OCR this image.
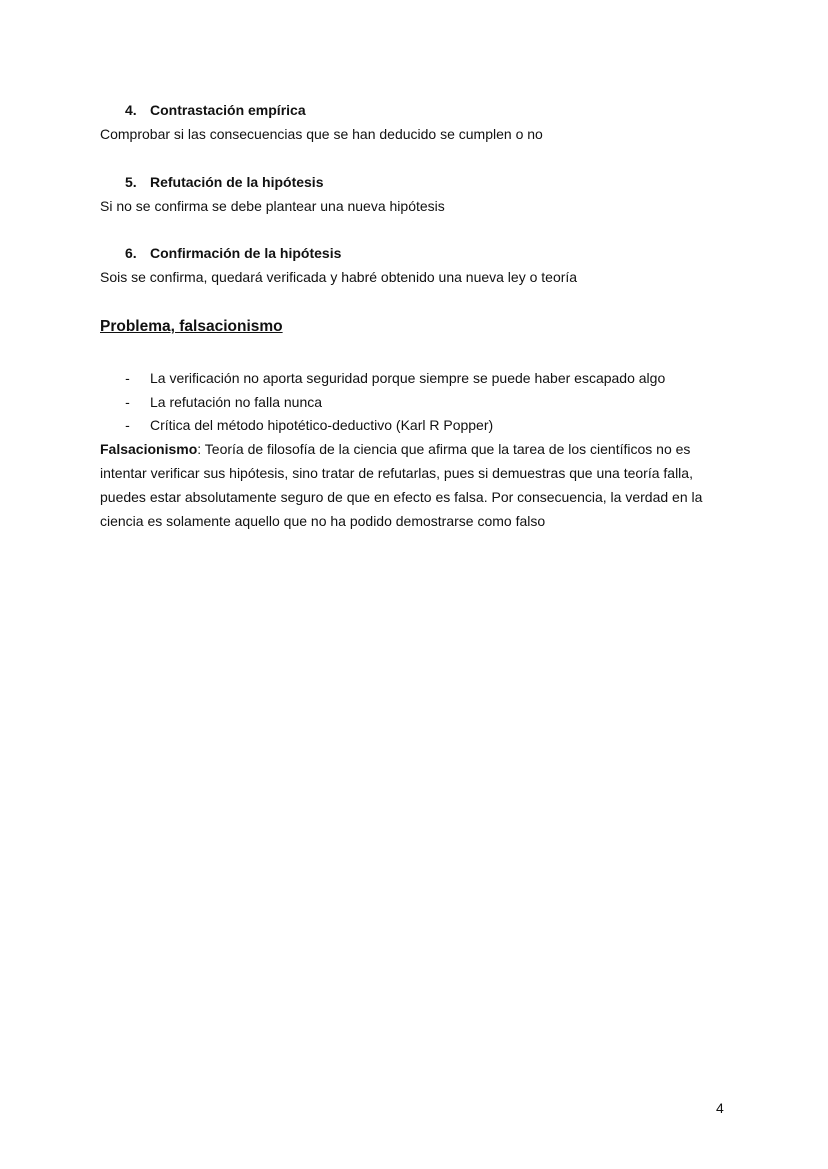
4. Contrastación empírica
Comprobar si las consecuencias que se han deducido se cumplen o no
5. Refutación de la hipótesis
Si no se confirma se debe plantear una nueva hipótesis
6. Confirmación de la hipótesis
Sois se confirma, quedará verificada y habré obtenido una nueva ley o teoría
Problema, falsacionismo
- La verificación no aporta seguridad porque siempre se puede haber escapado algo
- La refutación no falla nunca
- Crítica del método hipotético-deductivo (Karl R Popper)

Falsacionismo: Teoría de filosofía de la ciencia que afirma que la tarea de los científicos no es intentar verificar sus hipótesis, sino tratar de refutarlas, pues si demuestras que una teoría falla, puedes estar absolutamente seguro de que en efecto es falsa. Por consecuencia, la verdad en la ciencia es solamente aquello que no ha podido demostrarse como falso

4
